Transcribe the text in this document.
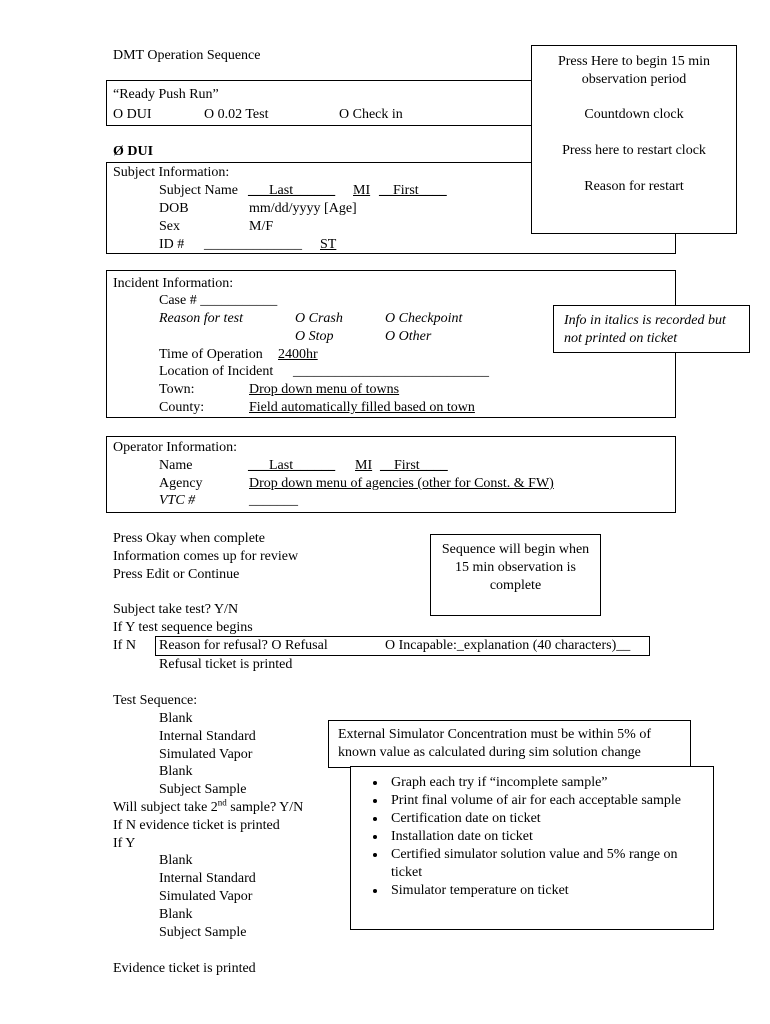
DMT Operation Sequence
“Ready Push Run”
O DUI	O 0.02 Test	O Check in
Ø DUI
Subject Information:
Subject Name ___Last______ MI __First____
DOB	mm/dd/yyyy [Age]
Sex	M/F
ID # ______________ ST
Press Here to begin 15 min observation period
Countdown clock
Press here to restart clock
Reason for restart
Incident Information:
Case # ___________
Reason for test	O Crash	O Checkpoint
O Stop	O Other
Time of Operation 2400hr
Location of Incident ____________________________
Town:	Drop down menu of towns
County:	Field automatically filled based on town
Info in italics is recorded but not printed on ticket
Operator Information:
Name	___Last______ MI __First____
Agency	Drop down menu of agencies (other for Const. & FW)
VTC #	_______
Press Okay when complete
Information comes up for review
Press Edit or Continue
Sequence will begin when 15 min observation is complete
Subject take test? Y/N
If Y test sequence begins
If N Reason for refusal? O Refusal	O Incapable:_explanation (40 characters)__
Refusal ticket is printed
Test Sequence:
Blank
Internal Standard
Simulated Vapor
Blank
Subject Sample
Will subject take 2nd sample? Y/N
If N evidence ticket is printed
If Y
Blank
Internal Standard
Simulated Vapor
Blank
Subject Sample
Evidence ticket is printed
External Simulator Concentration must be within 5% of known value as calculated during sim solution change
• Graph each try if “incomplete sample”
• Print final volume of air for each acceptable sample
• Certification date on ticket
• Installation date on ticket
• Certified simulator solution value and 5% range on ticket
• Simulator temperature on ticket
